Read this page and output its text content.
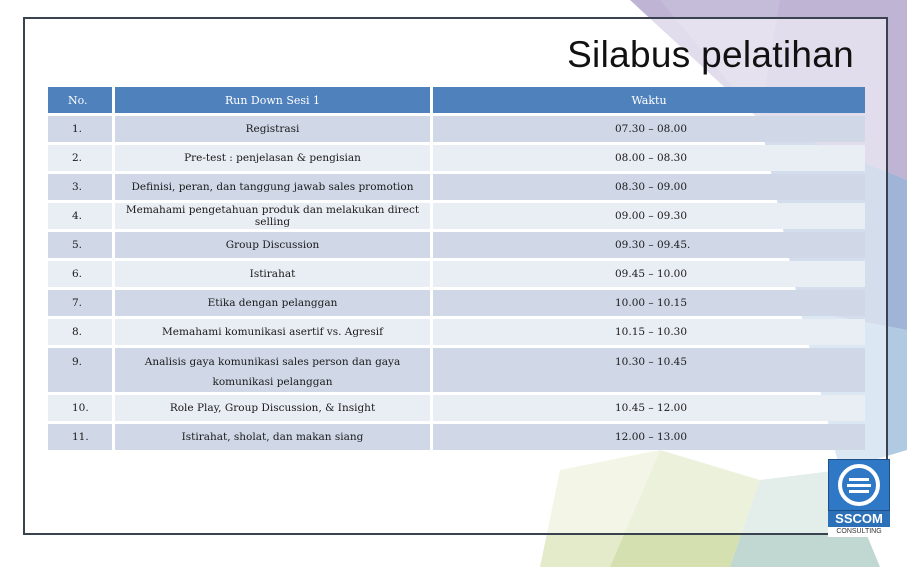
Silabus pelatihan
No.	Run Down Sesi 1	Waktu
1.	Registrasi	07.30 – 08.00
2.	Pre-test : penjelasan & pengisian	08.00 – 08.30
3.	Definisi, peran, dan tanggung jawab sales promotion	08.30 – 09.00
4.	Memahami pengetahuan produk dan melakukan direct selling	09.00 – 09.30
5.	Group Discussion	09.30 – 09.45.
6.	Istirahat	09.45 – 10.00
7.	Etika dengan pelanggan	10.00 – 10.15
8.	Memahami komunikasi asertif vs. Agresif	10.15 – 10.30
9.	Analisis gaya komunikasi sales person dan gaya komunikasi pelanggan	10.30 – 10.45
10.	Role Play, Group Discussion, & Insight	10.45 – 12.00
11.	Istirahat, sholat, dan makan siang	12.00 – 13.00
SSCOM
CONSULTING
